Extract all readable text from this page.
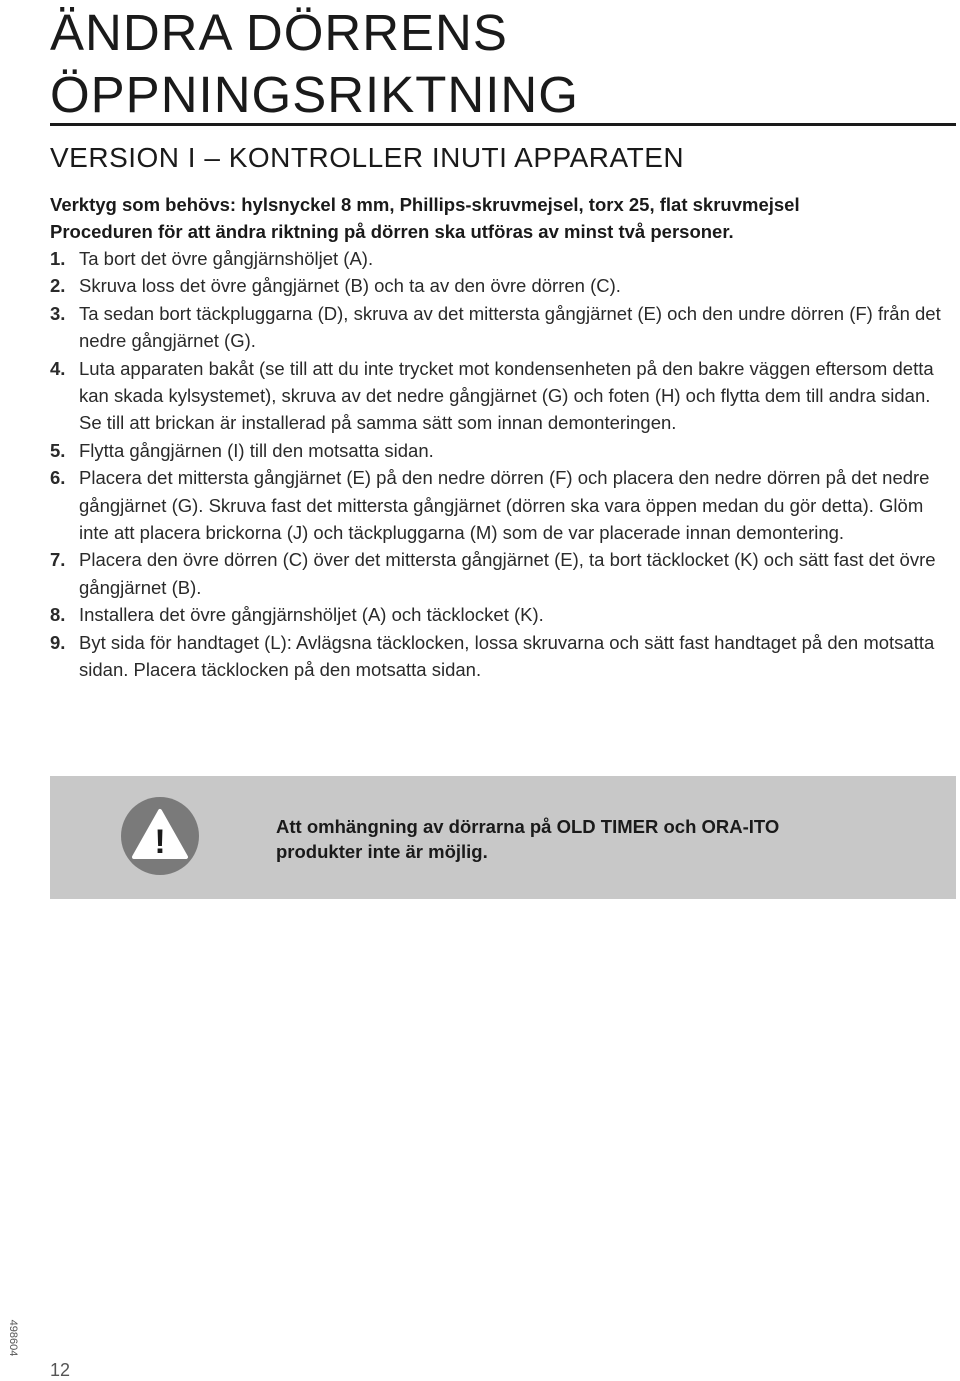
ÄNDRA DÖRRENS
ÖPPNINGSRIKTNING
VERSION I – KONTROLLER INUTI APPARATEN

Verktyg som behövs: hylsnyckel 8 mm, Phillips-skruvmejsel, torx 25, flat skruvmejsel

Proceduren för att ändra riktning på dörren ska utföras av minst två personer.

1. Ta bort det övre gångjärnshöljet (A).
2. Skruva loss det övre gångjärnet (B) och ta av den övre dörren (C).
3. Ta sedan bort täckpluggarna (D), skruva av det mittersta gångjärnet (E) och den undre dörren (F) från det nedre gångjärnet (G).
4. Luta apparaten bakåt (se till att du inte trycket mot kondensenheten på den bakre väggen eftersom detta kan skada kylsystemet), skruva av det nedre gångjärnet (G) och foten (H) och flytta dem till andra sidan. Se till att brickan är installerad på samma sätt som innan demonteringen.
5. Flytta gångjärnen (I) till den motsatta sidan.
6. Placera det mittersta gångjärnet (E) på den nedre dörren (F) och placera den nedre dörren på det nedre gångjärnet (G). Skruva fast det mittersta gångjärnet (dörren ska vara öppen medan du gör detta). Glöm inte att placera brickorna (J) och täckpluggarna (M) som de var placerade innan demontering.
7. Placera den övre dörren (C) över det mittersta gångjärnet (E), ta bort täcklocket (K) och sätt fast det övre gångjärnet (B).
8. Installera det övre gångjärnshöljet (A) och täcklocket (K).
9. Byt sida för handtaget (L): Avlägsna täcklocken, lossa skruvarna och sätt fast handtaget på den motsatta sidan. Placera täcklocken på den motsatta sidan.
!	Att omhängning av dörrarna på OLD TIMER och ORA-ITO

produkter inte är möjlig.

498604
12
